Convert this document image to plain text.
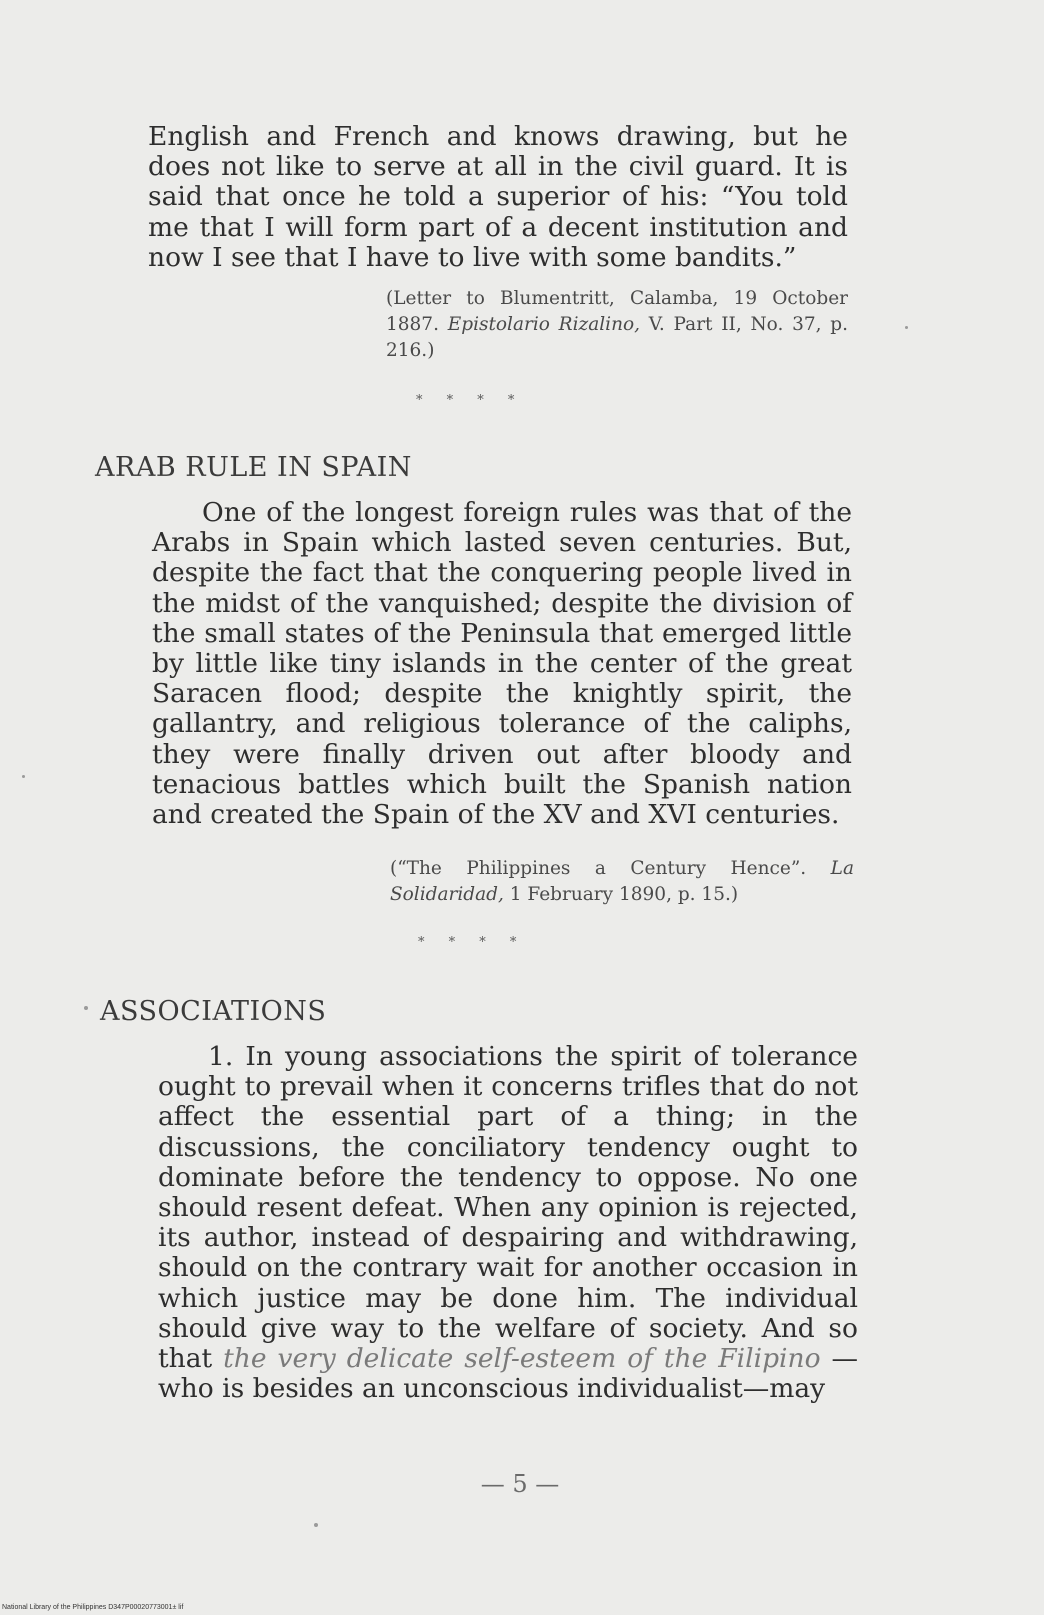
English and French and knows drawing, but he does not like to serve at all in the civil guard. It is said that once he told a superior of his: “You told me that I will form part of a decent institution and now I see that I have to live with some bandits.”

(Letter to Blumentritt, Calamba, 19 October 1887. Epistolario Rizalino, V. Part II, No. 37, p. 216.)

* * * *

ARAB RULE IN SPAIN

One of the longest foreign rules was that of the Arabs in Spain which lasted seven centuries. But, despite the fact that the conquering people lived in the midst of the vanquished; despite the division of the small states of the Peninsula that emerged little by little like tiny islands in the center of the great Saracen flood; despite the knightly spirit, the gallantry, and religious tolerance of the caliphs, they were finally driven out after bloody and tenacious battles which built the Spanish nation and created the Spain of the XV and XVI centuries.

(“The Philippines a Century Hence”. La Solidaridad, 1 February 1890, p. 15.)

* * * *

ASSOCIATIONS

1. In young associations the spirit of tolerance ought to prevail when it concerns trifles that do not affect the essential part of a thing; in the discussions, the conciliatory tendency ought to dominate before the tendency to oppose. No one should resent defeat. When any opinion is rejected, its author, instead of despairing and withdrawing, should on the contrary wait for another occasion in which justice may be done him. The individual should give way to the welfare of society. And so that the very delicate self-esteem of the Filipino —who is besides an unconscious individualist—may

— 5 —

National Library of the Philippines D347P00020773001± lif
